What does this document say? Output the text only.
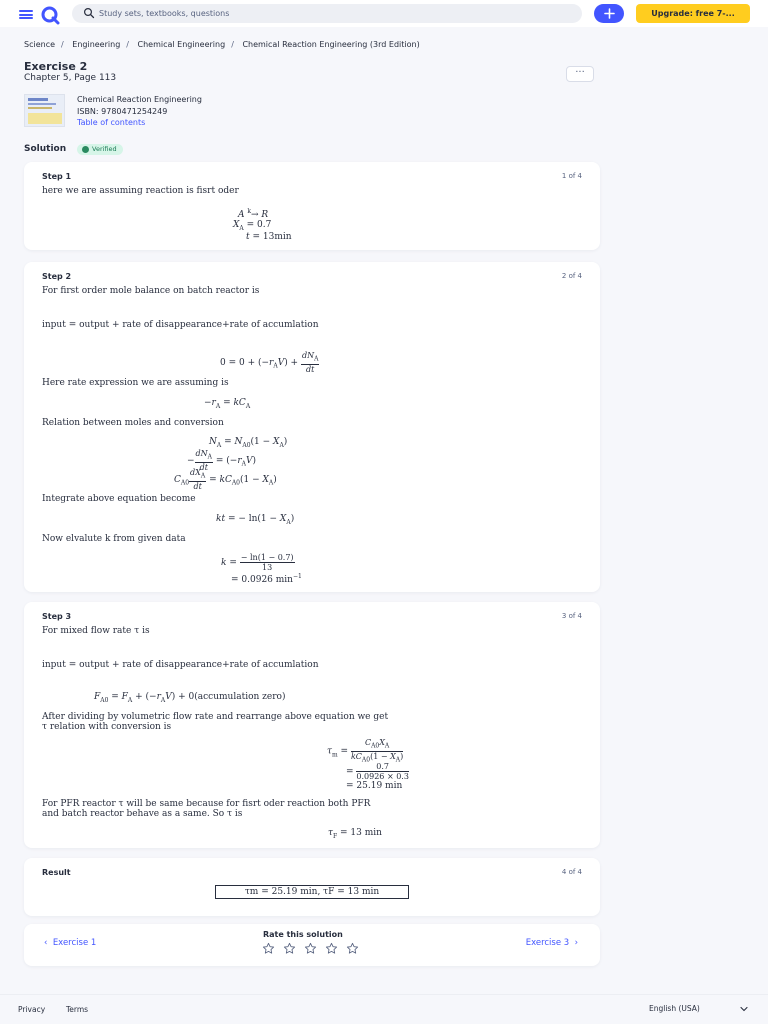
Study sets, textbooks, questions
Upgrade: free 7-...
Science / Engineering / Chemical Engineering / Chemical Reaction Engineering (3rd Edition)
Exercise 2
Chapter 5, Page 113	···
Chemical Reaction Engineering
ISBN: 9780471254249
Table of contents
Solution	Verified
Step 1	1 of 4
here we are assuming reaction is fisrt oder
A $^k$→ R
$X_A = 0.7$
t = 13min
Step 2	2 of 4
For first order mole balance on batch reactor is
input = output + rate of disappearance+rate of accumlation
$0 = 0 + (-r_AV) + \frac{dN_A}{dt}$
Here rate expression we are assuming is
$-r_A = kC_A$
Relation between moles and conversion
$N_A = N_{A0}(1 - X_A)$
− $\frac{dN_A}{dt} = (-r_AV)$
$C_{A0} \frac{dX_A}{dt} = kC_{A0}(1 - X_A)$
Integrate above equation become
kt = − $\ln(1 - X_A)$
Now elvalute k from given data
$k = \frac{- \ln(1 - 0.7)}{13}$
= 0.0926 $\min^{-1}$
Step 3	3 of 4
For mixed flow rate τ is
input = output + rate of disappearance+rate of accumlation
$F_{A0} = F_A + (-r_AV)$ + 0(accumulation zero)
After dividing by volumetric flow rate and rearrange above equation we get
τ relation with conversion is
$\tau_m = \frac{C_{A0}X_A}{kC_{A0}(1 - X_A)}$
= $\frac{0.7}{0.0926 \times 0.3}$
= 25.19 min
For PFR reactor τ will be same because for fisrt oder reaction both PFR
and batch reactor behave as a same. So τ is
$\tau_F = 13$ min
Result	4 of 4
τm = 25.19 min, τF = 13 min
‹ Exercise 1
Rate this solution
Exercise 3 ›
Privacy	Terms	English (USA)
